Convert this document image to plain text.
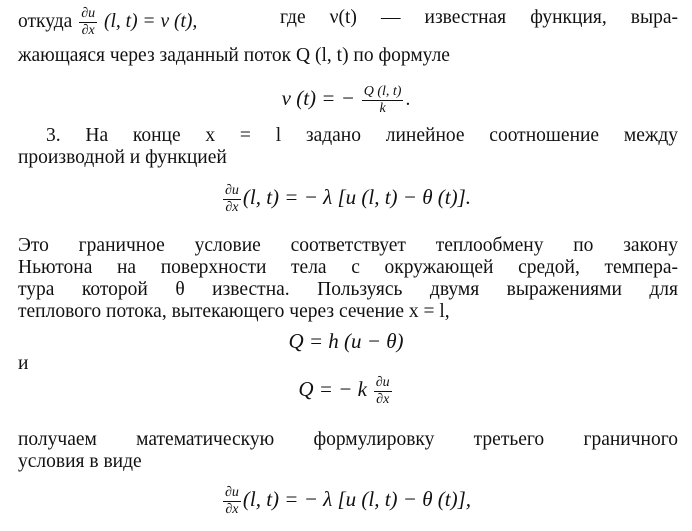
откуда $\frac{\partial u}{\partial x} (l$, t) = ν (t),	где ν(t) — известная функция, выра-
жающаяся через заданный поток Q (l, t) по формуле
ν (t) = − $\frac{Q (l, t)}{k}$ .
3. На конце x = l задано линейное соотношение между
производной и функцией
$\frac{\partial u}{\partial x} (l$, t) = − λ [u (l, t) − θ (t)].
Это граничное условие соответствует теплообмену по закону
Ньютона на поверхности тела с окружающей средой, темпера-
тура которой θ известна. Пользуясь двумя выражениями для
теплового потока, вытекающего через сечение x = l,
Q = h (u − θ)
и
Q = − k $\frac{\partial u}{\partial x}$
получаем математическую формулировку третьего граничного
условия в виде
$\frac{\partial u}{\partial x} (l$, t) = − λ [u (l, t) − θ (t)],
